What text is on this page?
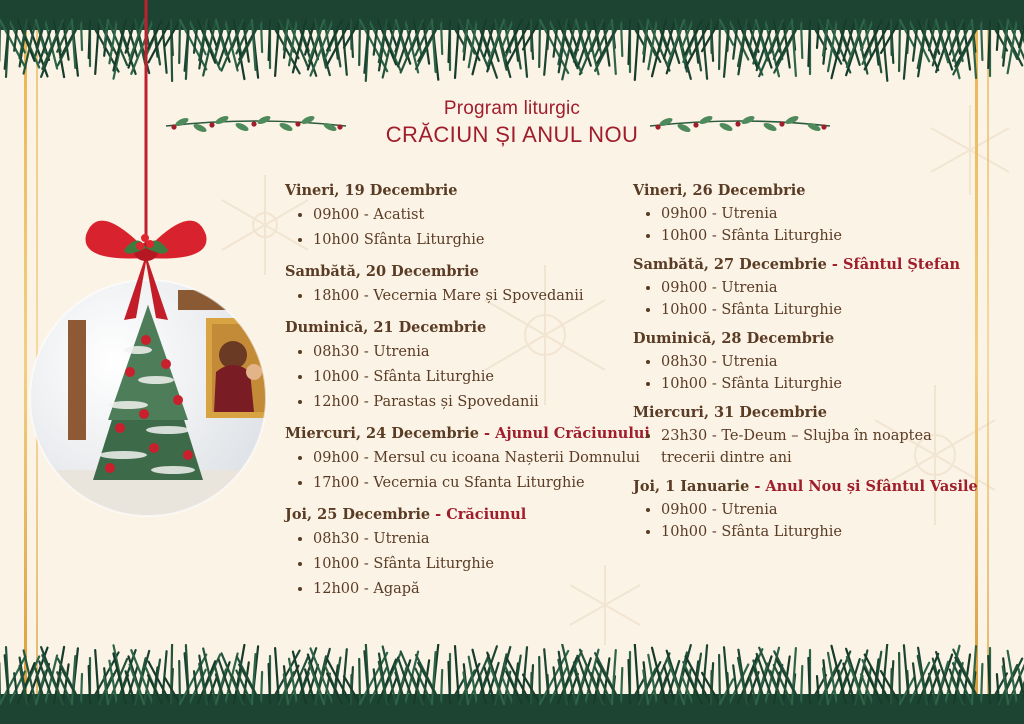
Program liturgic
CRĂCIUN ȘI ANUL NOU

Vineri, 19 Decembrie

• 09h00 - Acatist
• 10h00 Sfânta Liturghie

Sambătă, 20 Decembrie

• 18h00 - Vecernia Mare și Spovedanii

Duminică, 21 Decembrie

• 08h30 - Utrenia
• 10h00 - Sfânta Liturghie
• 12h00 - Parastas și Spovedanii

Miercuri, 24 Decembrie - Ajunul Crăciunului

• 09h00 - Mersul cu icoana Nașterii Domnului
• 17h00 - Vecernia cu Sfanta Liturghie

Joi, 25 Decembrie - Crăciunul

• 08h30 - Utrenia
• 10h00 - Sfânta Liturghie
• 12h00 - Agapă

Vineri, 26 Decembrie

• 09h00 - Utrenia
• 10h00 - Sfânta Liturghie

Sambătă, 27 Decembrie - Sfântul Ștefan

• 09h00 - Utrenia
• 10h00 - Sfânta Liturghie

Duminică, 28 Decembrie

• 08h30 - Utrenia
• 10h00 - Sfânta Liturghie

Miercuri, 31 Decembrie

• 23h30 - Te-Deum – Slujba în noaptea trecerii dintre ani

Joi, 1 Ianuarie - Anul Nou și Sfântul Vasile

• 09h00 - Utrenia
• 10h00 - Sfânta Liturghie
